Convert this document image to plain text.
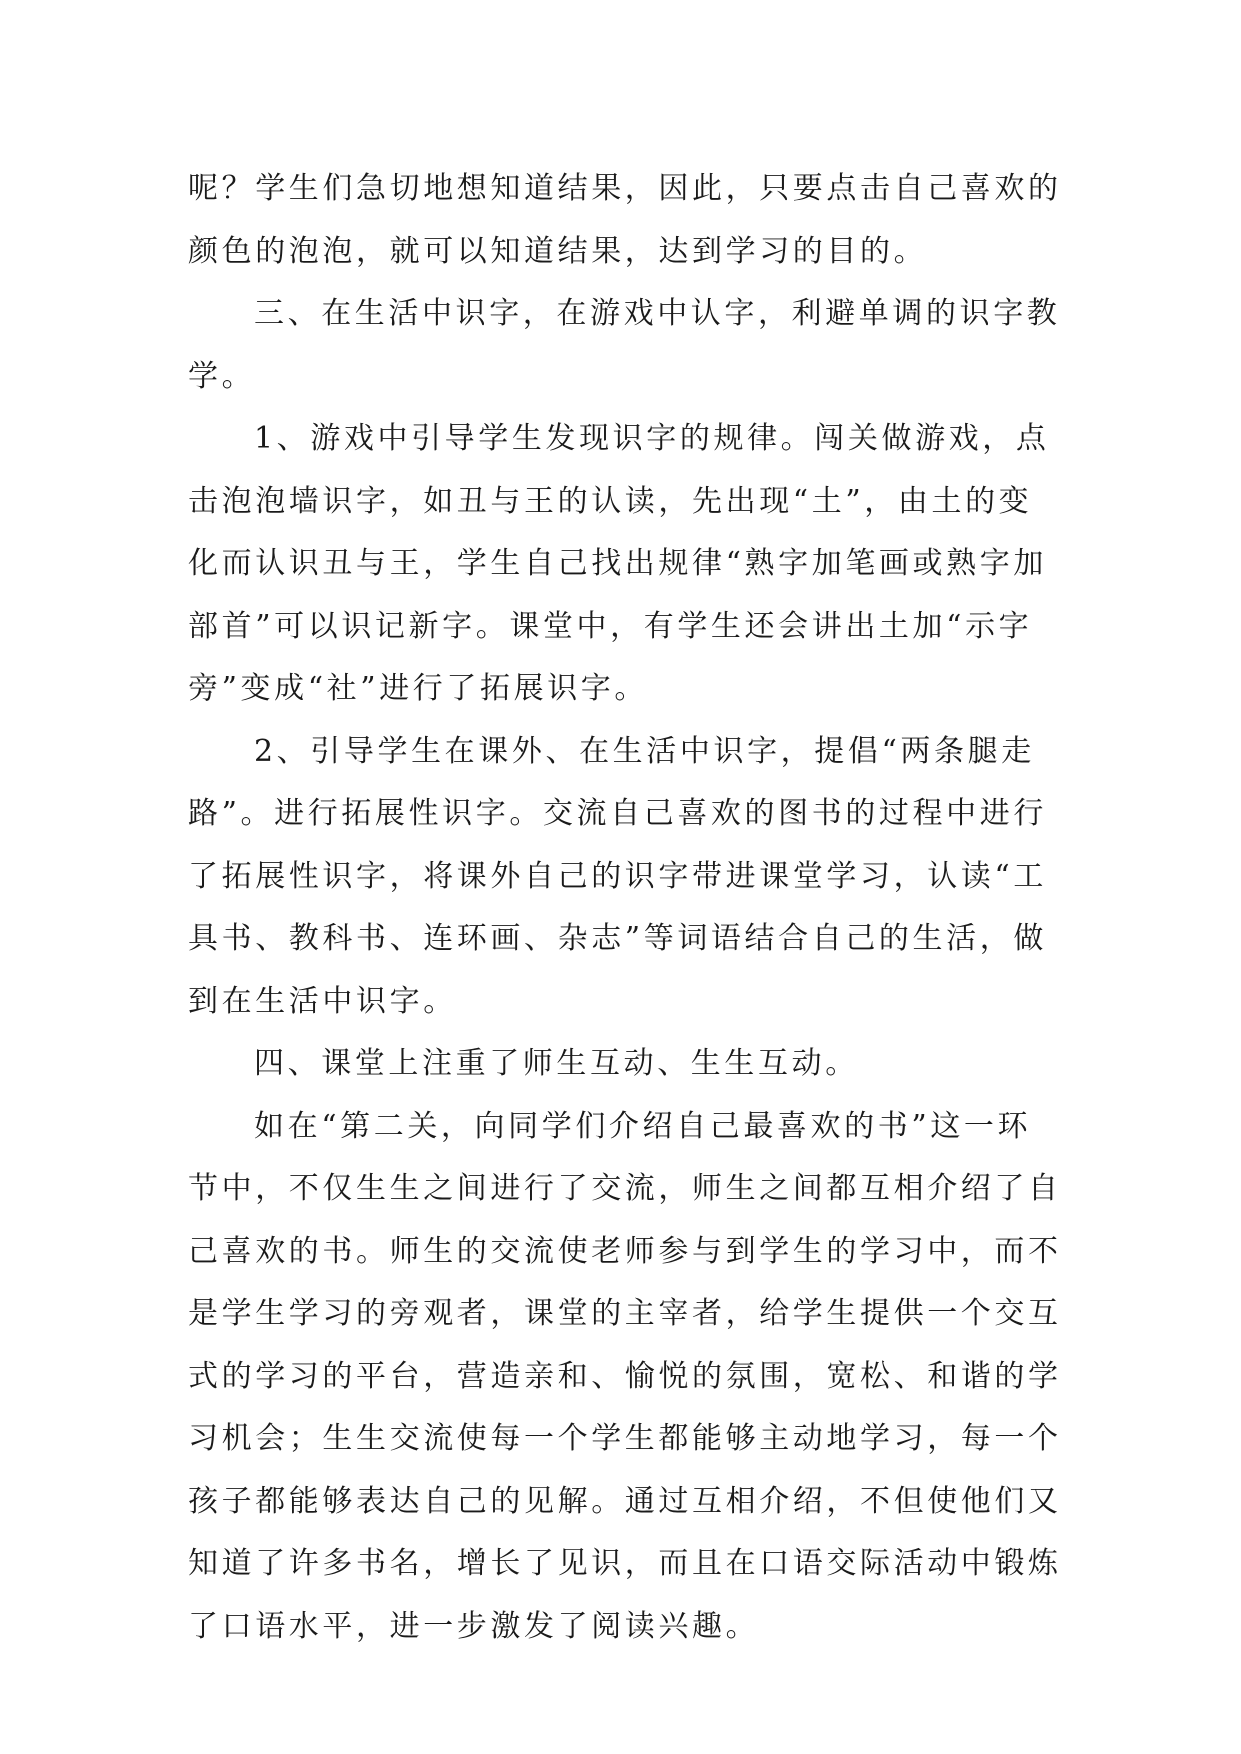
呢？学生们急切地想知道结果，因此，只要点击自己喜欢的
颜色的泡泡，就可以知道结果，达到学习的目的。
三、在生活中识字，在游戏中认字，利避单调的识字教
学。
1、游戏中引导学生发现识字的规律。闯关做游戏，点
击泡泡墙识字，如丑与王的认读，先出现“土”，由土的变
化而认识丑与王，学生自己找出规律“熟字加笔画或熟字加
部首”可以识记新字。课堂中，有学生还会讲出土加“示字
旁”变成“社”进行了拓展识字。
2、引导学生在课外、在生活中识字，提倡“两条腿走
路”。进行拓展性识字。交流自己喜欢的图书的过程中进行
了拓展性识字，将课外自己的识字带进课堂学习，认读“工
具书、教科书、连环画、杂志”等词语结合自己的生活，做
到在生活中识字。
四、课堂上注重了师生互动、生生互动。
如在“第二关，向同学们介绍自己最喜欢的书”这一环
节中，不仅生生之间进行了交流，师生之间都互相介绍了自
己喜欢的书。师生的交流使老师参与到学生的学习中，而不
是学生学习的旁观者，课堂的主宰者，给学生提供一个交互
式的学习的平台，营造亲和、愉悦的氛围，宽松、和谐的学
习机会；生生交流使每一个学生都能够主动地学习，每一个
孩子都能够表达自己的见解。通过互相介绍，不但使他们又
知道了许多书名，增长了见识，而且在口语交际活动中锻炼
了口语水平，进一步激发了阅读兴趣。
